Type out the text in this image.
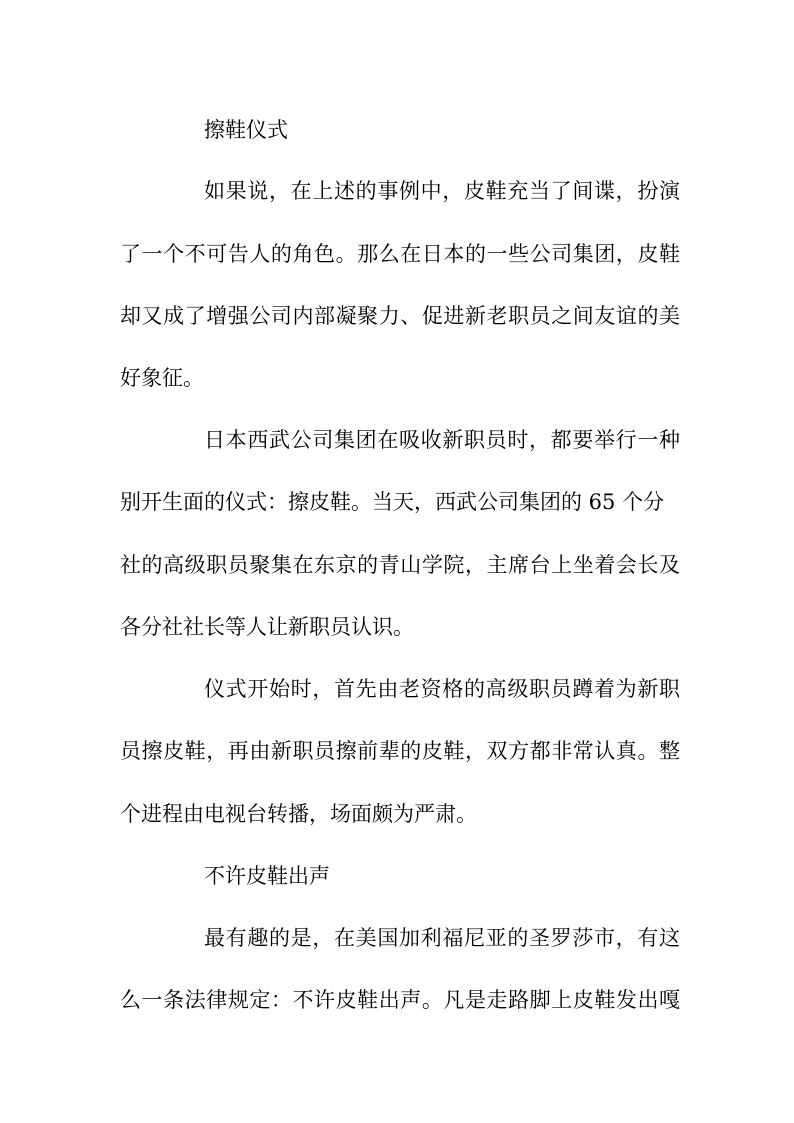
擦鞋仪式
如果说，在上述的事例中，皮鞋充当了间谍，扮演
了一个不可告人的角色。那么在日本的一些公司集团，皮鞋
却又成了增强公司内部凝聚力、促进新老职员之间友谊的美
好象征。
日本西武公司集团在吸收新职员时，都要举行一种
别开生面的仪式：擦皮鞋。当天，西武公司集团的 65 个分
社的高级职员聚集在东京的青山学院，主席台上坐着会长及
各分社社长等人让新职员认识。
仪式开始时，首先由老资格的高级职员蹲着为新职
员擦皮鞋，再由新职员擦前辈的皮鞋，双方都非常认真。整
个进程由电视台转播，场面颇为严肃。
不许皮鞋出声
最有趣的是，在美国加利福尼亚的圣罗莎市，有这
么一条法律规定：不许皮鞋出声。凡是走路脚上皮鞋发出嘎
